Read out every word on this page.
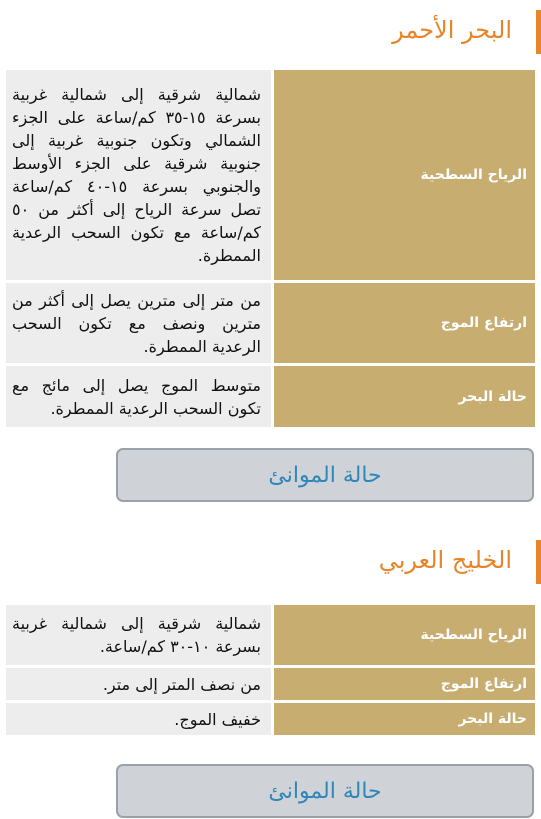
البحر الأحمر
الرياح السطحية	شمالية شرقية إلى شمالية غربية بسرعة ١٥-٣٥ كم/ساعة على الجزء الشمالي وتكون جنوبية غربية إلى جنوبية شرقية على الجزء الأوسط والجنوبي بسرعة ١٥-٤٠ كم/ساعة تصل سرعة الرياح إلى أكثر من ٥٠ كم/ساعة مع تكون السحب الرعدية الممطرة.
ارتفاع الموج	من متر إلى مترين يصل إلى أكثر من مترين ونصف مع تكون السحب الرعدية الممطرة.
حالة البحر	متوسط الموج يصل إلى مائج مع تكون السحب الرعدية الممطرة.
حالة الموانئ
الخليج العربي
الرياح السطحية	شمالية شرقية إلى شمالية غربية بسرعة ١٠-٣٠ كم/ساعة.
ارتفاع الموج	من نصف المتر إلى متر.
حالة البحر	خفيف الموج.
حالة الموانئ
